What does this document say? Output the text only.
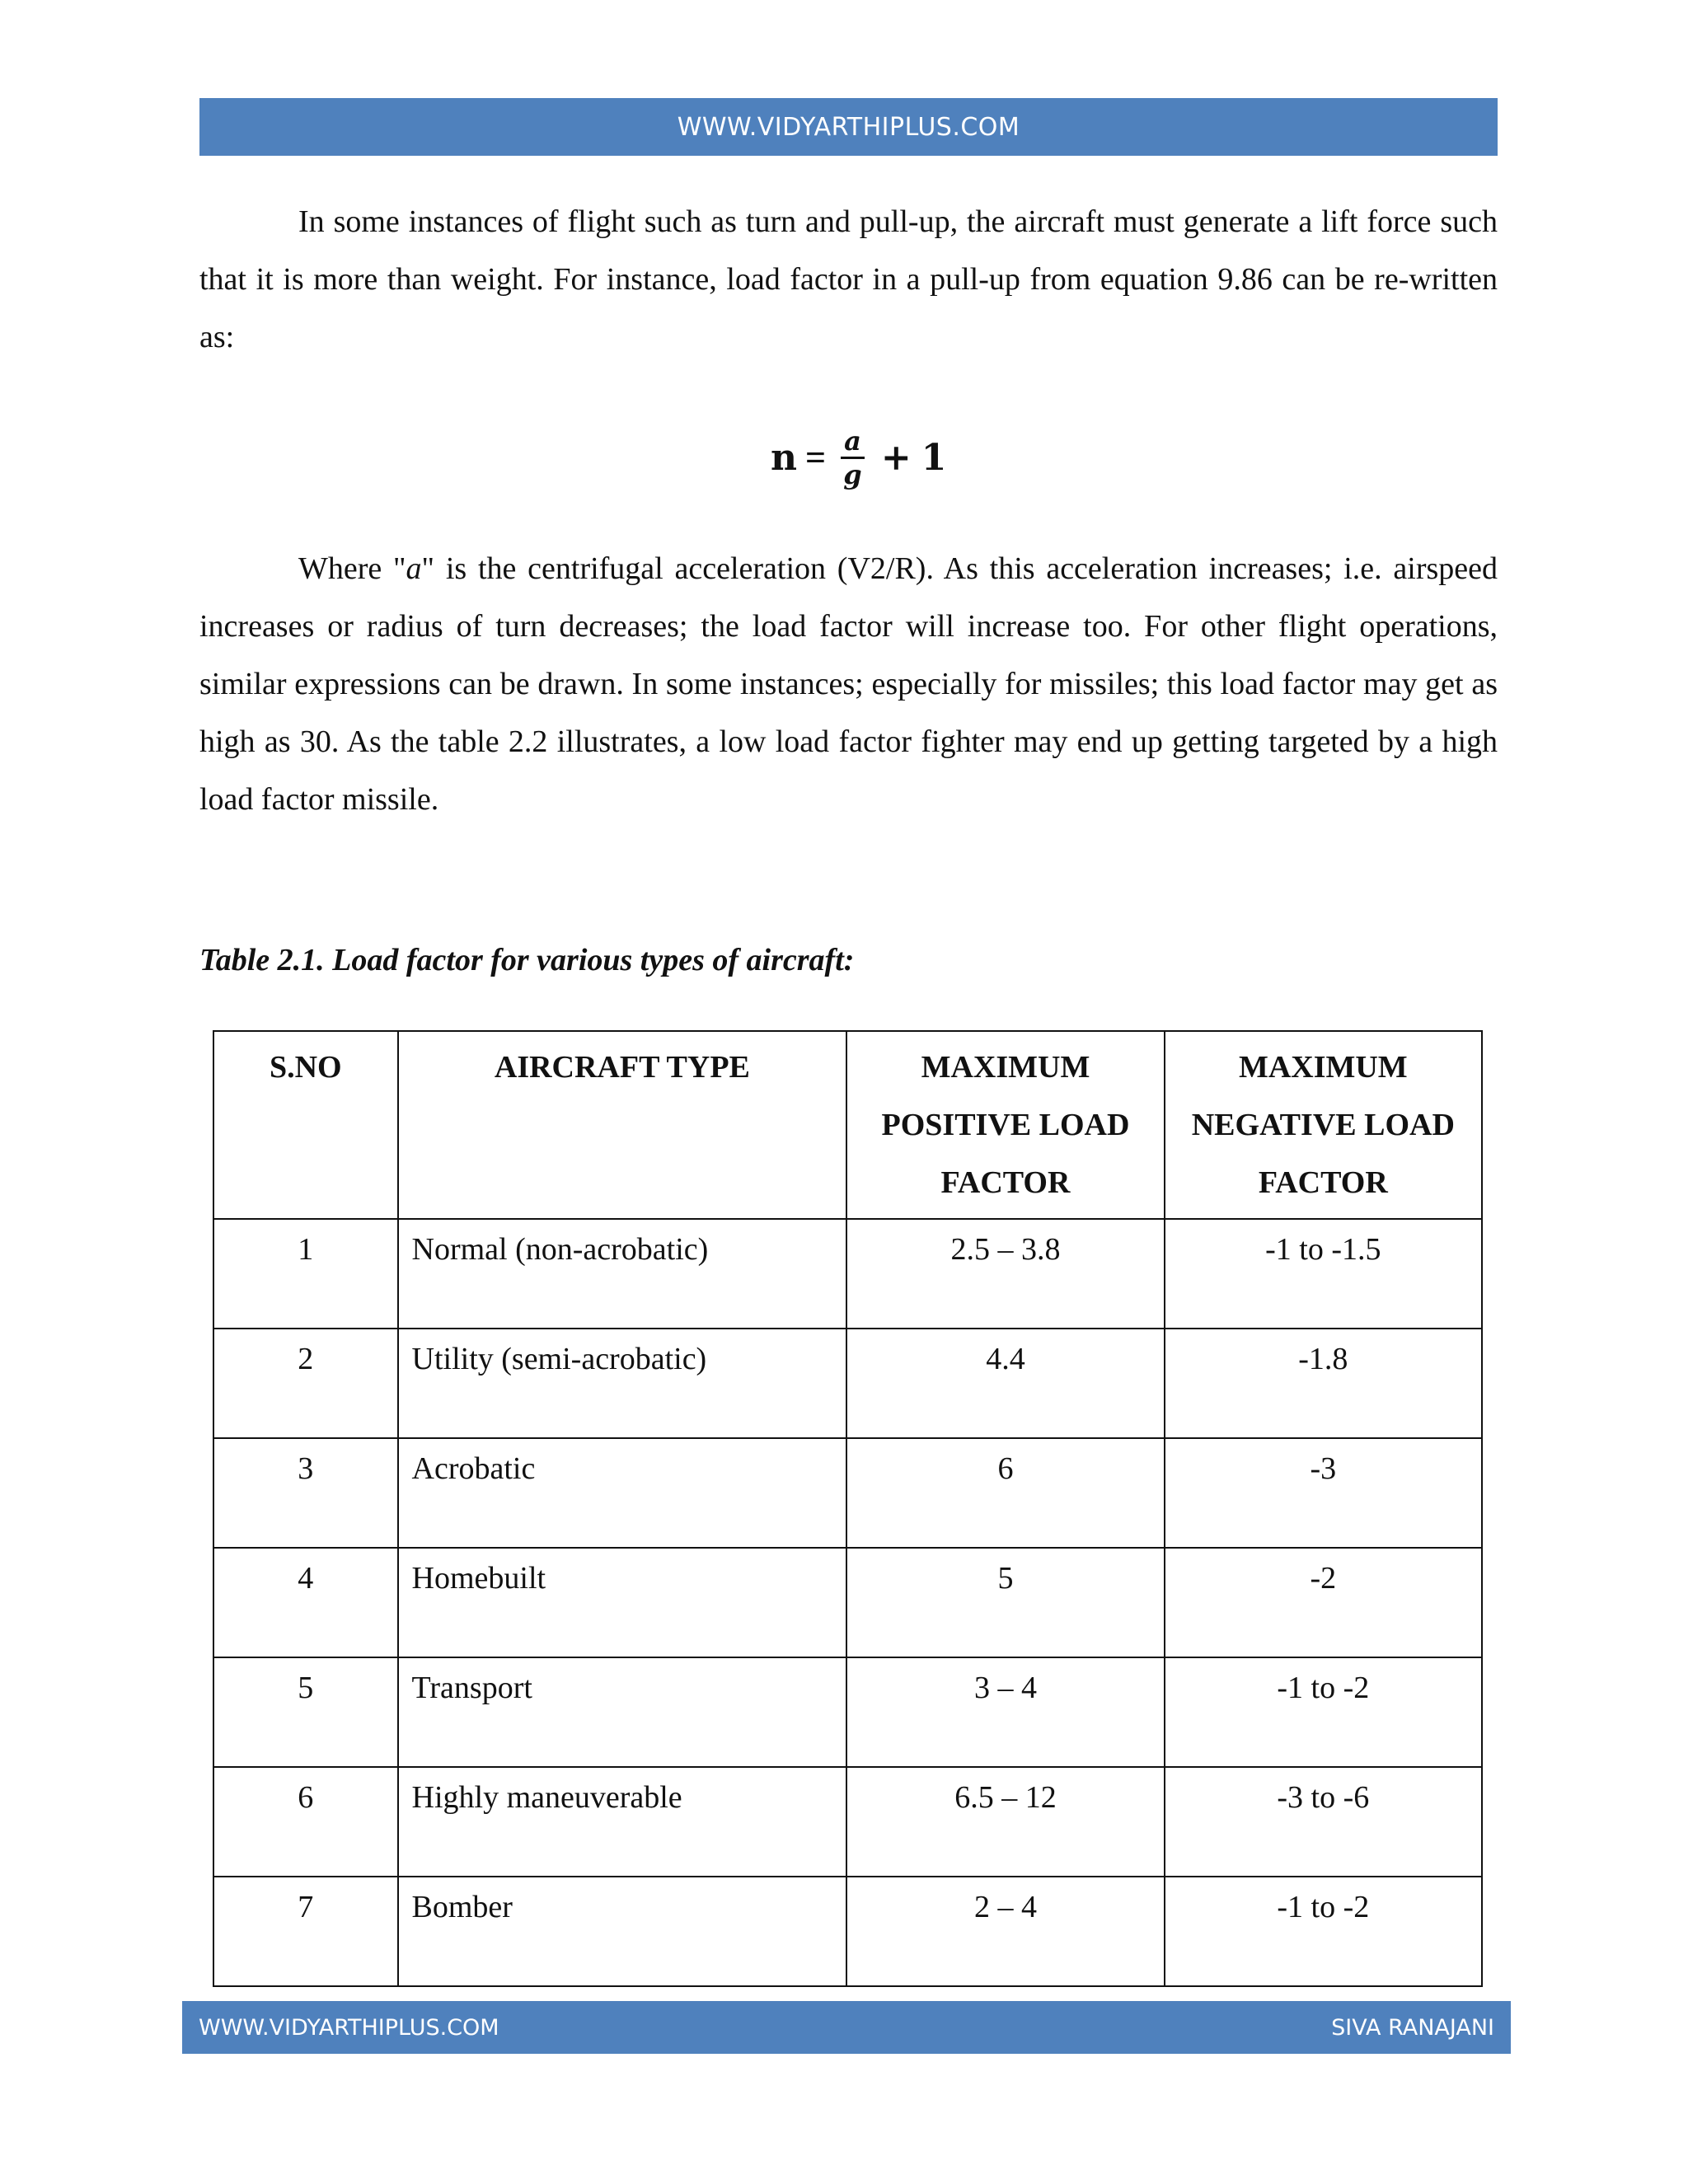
WWW.VIDYARTHIPLUS.COM

In some instances of flight such as turn and pull-up, the aircraft must generate a lift force such that it is more than weight. For instance, load factor in a pull-up from equation 9.86 can be re-written as:

$n = \frac{a}{g} + 1$

Where "a" is the centrifugal acceleration (V2/R). As this acceleration increases; i.e. airspeed increases or radius of turn decreases; the load factor will increase too. For other flight operations, similar expressions can be drawn. In some instances; especially for missiles; this load factor may get as high as 30. As the table 2.2 illustrates, a low load factor fighter may end up getting targeted by a high load factor missile.

Table 2.1. Load factor for various types of aircraft:

S.NO	AIRCRAFT TYPE	MAXIMUM POSITIVE LOAD FACTOR	MAXIMUM NEGATIVE LOAD FACTOR
1	Normal (non-acrobatic)	2.5 – 3.8	-1 to -1.5
2	Utility (semi-acrobatic)	4.4	-1.8
3	Acrobatic	6	-3
4	Homebuilt	5	-2
5	Transport	3 – 4	-1 to -2
6	Highly maneuverable	6.5 – 12	-3 to -6
7	Bomber	2 – 4	-1 to -2
WWW.VIDYARTHIPLUS.COM	SIVA RANAJANI
